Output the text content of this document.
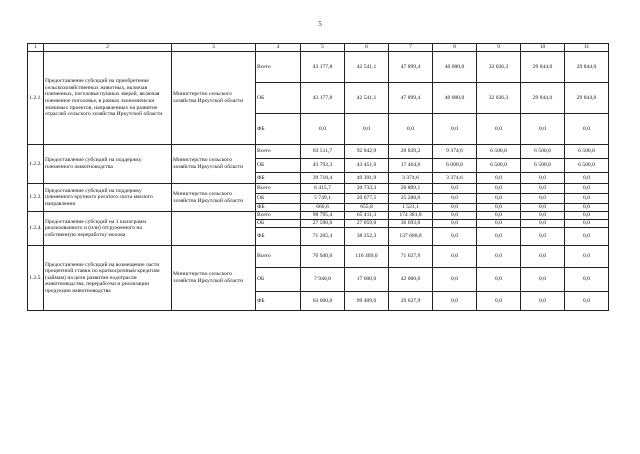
5
1	2	3	4	5	6	7	8	9	10	11
1.2.1.	Предоставление субсидий на приобретение сельскохозяйственных животных, включая племенных, поголовья пушных зверей, включая племенное поголовье, в рамках экономически значимых проектов, направленных на развитие отраслей сельского хозяйства Иркутской области	Министерство сельского хозяйства Иркутской области	Всего	43 177,8	42 541,1	47 899,4	40 000,0	32 036,3	29 844,0	29 844,0
			ОБ	43 177,8	42 541,1	47 899,4	40 000,0	32 036,3	29 844,0	29 844,0
			ФБ	0,0	0,0	0,0	0,0	0,0	0,0	0,0
1.2.2.	Предоставление субсидий на поддержку племенного животноводства	Министерство сельского хозяйства Иркутской области	Всего	83 511,7	92 842,9	20 839,2	9 374,6	6 500,0	6 500,0	6 500,0
			ОБ	43 793,3	43 451,0	17 464,6	6 000,0	6 500,0	6 500,0	6 500,0
			ФБ	39 718,4	49 391,9	3 374,6	3 374,6	0,0	0,0	0,0
1.2.3.	Предоставление субсидий на поддержку племенного крупного рогатого скота мясного направления	Министерство сельского хозяйства Иркутской области	Всего	6 415,7	20 733,3	26 809,1	0,0	0,0	0,0	0,0
			ОБ	5 749,1	20 077,5	25 288,0	0,0	0,0	0,0	0,0
			ФБ	666,6	655,8	1 521,1	0,0	0,0	0,0	0,0
1.2.4.	Предоставление субсидий на 1 килограмм реализованного и (или) отгруженного на собственную переработку молока		Всего	98 795,4	65 411,3	174 381,8	0,0	0,0	0,0	0,0
			ОБ	27 590,0	27 059,0	36 693,0	0,0	0,0	0,0	0,0
			ФБ	71 205,4	38 352,3	137 688,8	0,0	0,0	0,0	0,0
1.2.5.	Предоставление субсидий на возмещение части процентной ставки по краткосрочным кредитам (займам) на цели развития подотрасли животноводства, переработки и реализации продукции животноводства	Министерство сельского хозяйства Иркутской области	Всего	70 940,0	116 409,0	71 627,9	0,0	0,0	0,0	0,0
			ОБ	7 940,0	17 000,0	42 000,0	0,0	0,0	0,0	0,0
			ФБ	63 000,0	99 409,0	29 627,9	0,0	0,0	0,0	0,0
